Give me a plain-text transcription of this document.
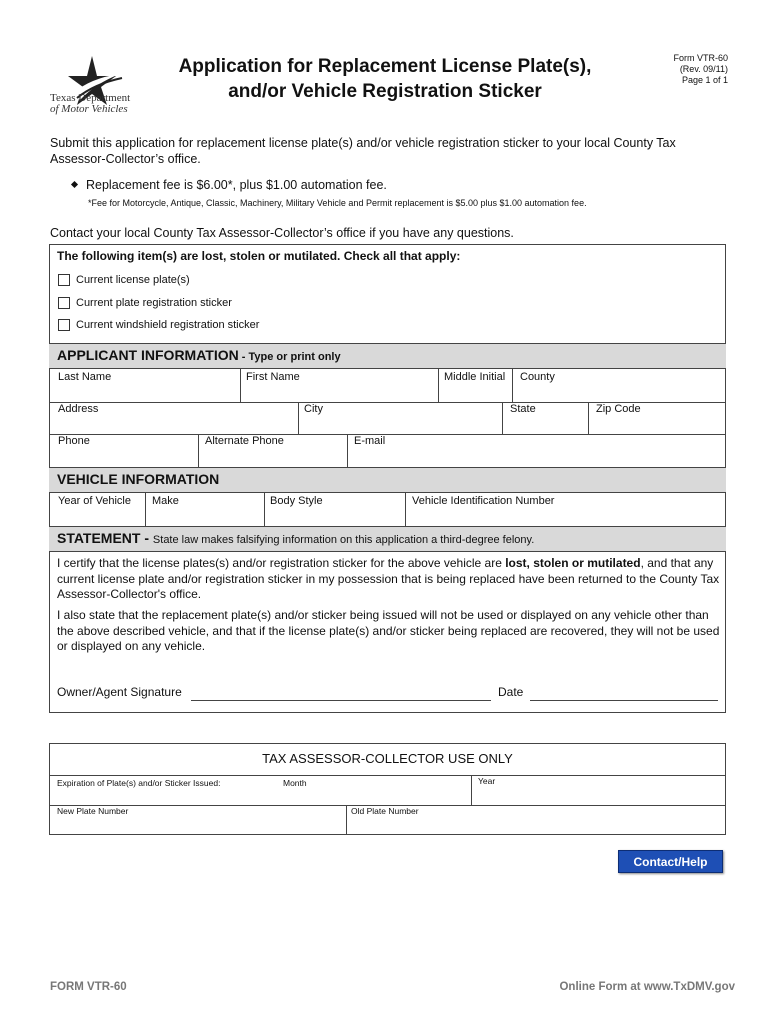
Texas Department
of Motor Vehicles
Application for Replacement License Plate(s),
and/or Vehicle Registration Sticker
Form VTR-60
(Rev. 09/11)
Page 1 of 1
Submit this application for replacement license plate(s) and/or vehicle registration sticker to your local County Tax Assessor-Collector’s office.
Replacement fee is $6.00*, plus $1.00 automation fee.
*Fee for Motorcycle, Antique, Classic, Machinery, Military Vehicle and Permit replacement is $5.00 plus $1.00 automation fee.
Contact your local County Tax Assessor-Collector’s office if you have any questions.
The following item(s) are lost, stolen or mutilated. Check all that apply:
Current license plate(s)
Current plate registration sticker
Current windshield registration sticker
APPLICANT INFORMATION - Type or print only
Last Name	First Name	Middle Initial County
Address	City	State	Zip Code
Phone	Alternate Phone	E-mail
VEHICLE INFORMATION
Year of Vehicle Make	Body Style	Vehicle Identification Number
STATEMENT - State law makes falsifying information on this application a third-degree felony.
I certify that the license plates(s) and/or registration sticker for the above vehicle are lost, stolen or mutilated, and that any current license plate and/or registration sticker in my possession that is being replaced have been returned to the County Tax Assessor-Collector's office.
I also state that the replacement plate(s) and/or sticker being issued will not be used or displayed on any vehicle other than the above described vehicle, and that if the license plate(s) and/or sticker being replaced are recovered, they will not be used or displayed on any vehicle.
Owner/Agent Signature	Date
TAX ASSESSOR-COLLECTOR USE ONLY
Expiration of Plate(s) and/or Sticker Issued:	Month	Year
New Plate Number	Old Plate Number
Contact/Help
FORM VTR-60	Online Form at www.TxDMV.gov
